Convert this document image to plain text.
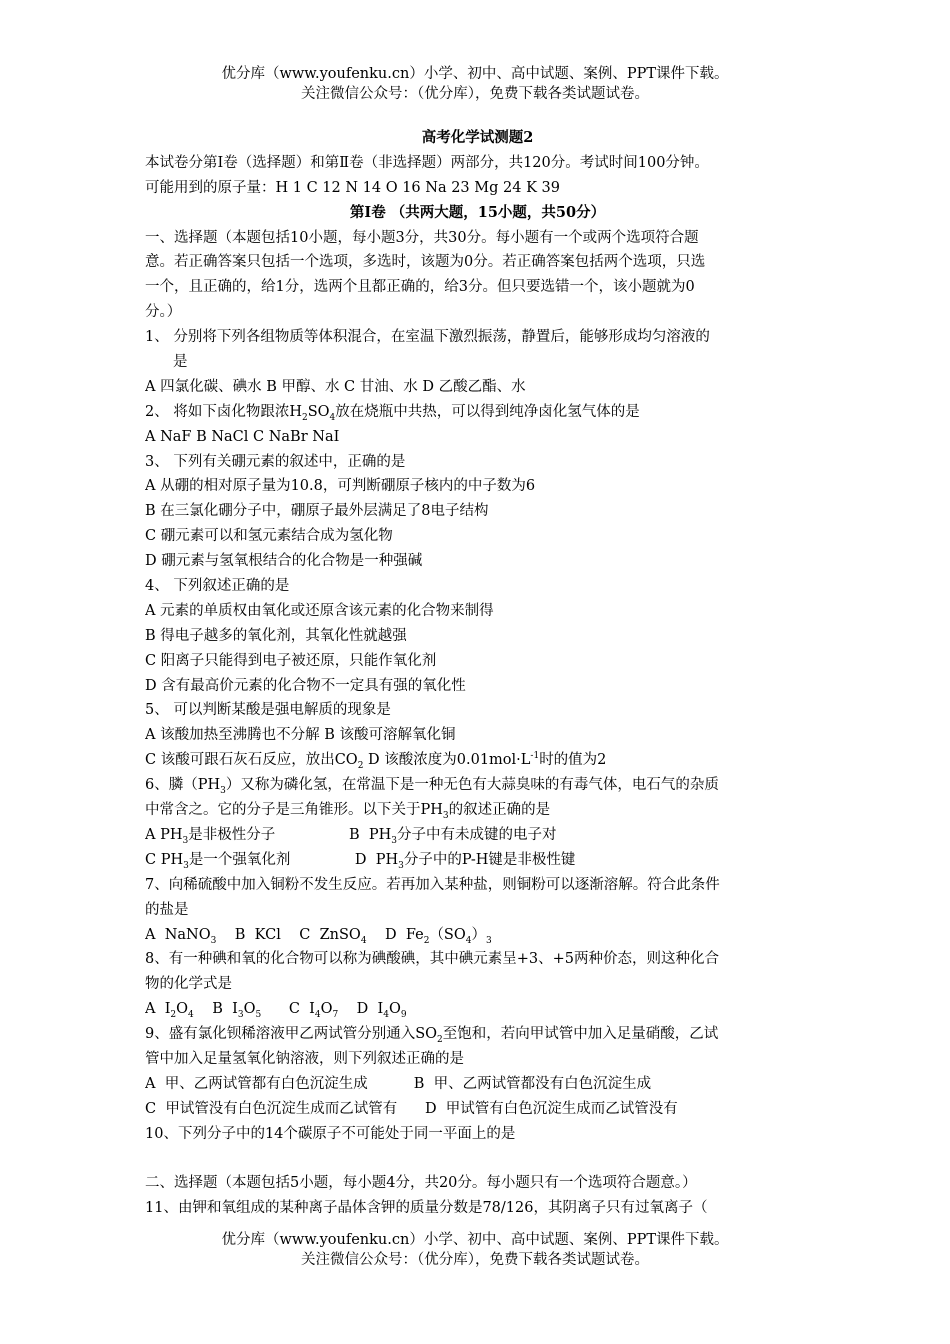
优分库（www.youfenku.cn）小学、初中、高中试题、案例、PPT课件下载。
关注微信公众号：（优分库），免费下载各类试题试卷。
高考化学试测题2
本试卷分第Ⅰ卷（选择题）和第Ⅱ卷（非选择题）两部分，共120分。考试时间100分钟。
可能用到的原子量：H 1 C 12 N 14 O 16 Na 23 Mg 24 K 39
第Ⅰ卷 （共两大题，15小题，共50分）
一、选择题（本题包括10小题，每小题3分，共30分。每小题有一个或两个选项符合题
意。若正确答案只包括一个选项，多选时，该题为0分。若正确答案包括两个选项，只选
一个，且正确的，给1分，选两个且都正确的，给3分。但只要选错一个，该小题就为0
分。）
1、 分别将下列各组物质等体积混合，在室温下激烈振荡，静置后，能够形成均匀溶液的
是
A 四氯化碳、碘水 B 甲醇、水 C 甘油、水 D 乙酸乙酯、水
2、 将如下卤化物跟浓$H_2SO_4$放在烧瓶中共热，可以得到纯净卤化氢气体的是
A NaF B NaCl C NaBr NaI
3、 下列有关硼元素的叙述中，正确的是
A 从硼的相对原子量为10.8，可判断硼原子核内的中子数为6
B 在三氯化硼分子中，硼原子最外层满足了8电子结构
C 硼元素可以和氢元素结合成为氢化物
D 硼元素与氢氧根结合的化合物是一种强碱
4、 下列叙述正确的是
A 元素的单质权由氧化或还原含该元素的化合物来制得
B 得电子越多的氧化剂，其氧化性就越强
C 阳离子只能得到电子被还原，只能作氧化剂
D 含有最高价元素的化合物不一定具有强的氧化性
5、 可以判断某酸是强电解质的现象是
A 该酸加热至沸腾也不分解 B 该酸可溶解氧化铜
C 该酸可跟石灰石反应，放出$CO_2$ D 该酸浓度为$0.01mol\cdot L^{-1}$时的值为2
6、膦$(PH_3)$又称为磷化氢，在常温下是一种无色有大蒜臭味的有毒气体，电石气的杂质
中常含之。它的分子是三角锥形。以下关于$PH_3$的叙述正确的是
A $PH_3$是非极性分子                B  $PH_3$分子中有未成键的电子对
C $PH_3$是一个强氧化剂              D  $PH_3$分子中的P-H键是非极性键
7、向稀硫酸中加入铜粉不发生反应。若再加入某种盐，则铜粉可以逐渐溶解。符合此条件
的盐是
A  NaNO$_3$    B  KCl    C  ZnSO$_4$    D  $Fe_2(SO_4)_3$
8、有一种碘和氧的化合物可以称为碘酸碘，其中碘元素呈+3、+5两种价态，则这种化合
物的化学式是
A  $I_2O_4$    B  $I_3O_5$      C  $I_4O_7$    D  $I_4O_9$
9、盛有氯化钡稀溶液甲乙两试管分别通入$SO_2$至饱和，若向甲试管中加入足量硝酸，乙试
管中加入足量氢氧化钠溶液，则下列叙述正确的是
A  甲、乙两试管都有白色沉淀生成          B  甲、乙两试管都没有白色沉淀生成
C  甲试管没有白色沉淀生成而乙试管有      D  甲试管有白色沉淀生成而乙试管没有
10、下列分子中的14个碳原子不可能处于同一平面上的是
二、选择题（本题包括5小题，每小题4分，共20分。每小题只有一个选项符合题意。）
11、由钾和氧组成的某种离子晶体含钾的质量分数是78/126，其阴离子只有过氧离子（
优分库（www.youfenku.cn）小学、初中、高中试题、案例、PPT课件下载。
关注微信公众号：（优分库），免费下载各类试题试卷。
